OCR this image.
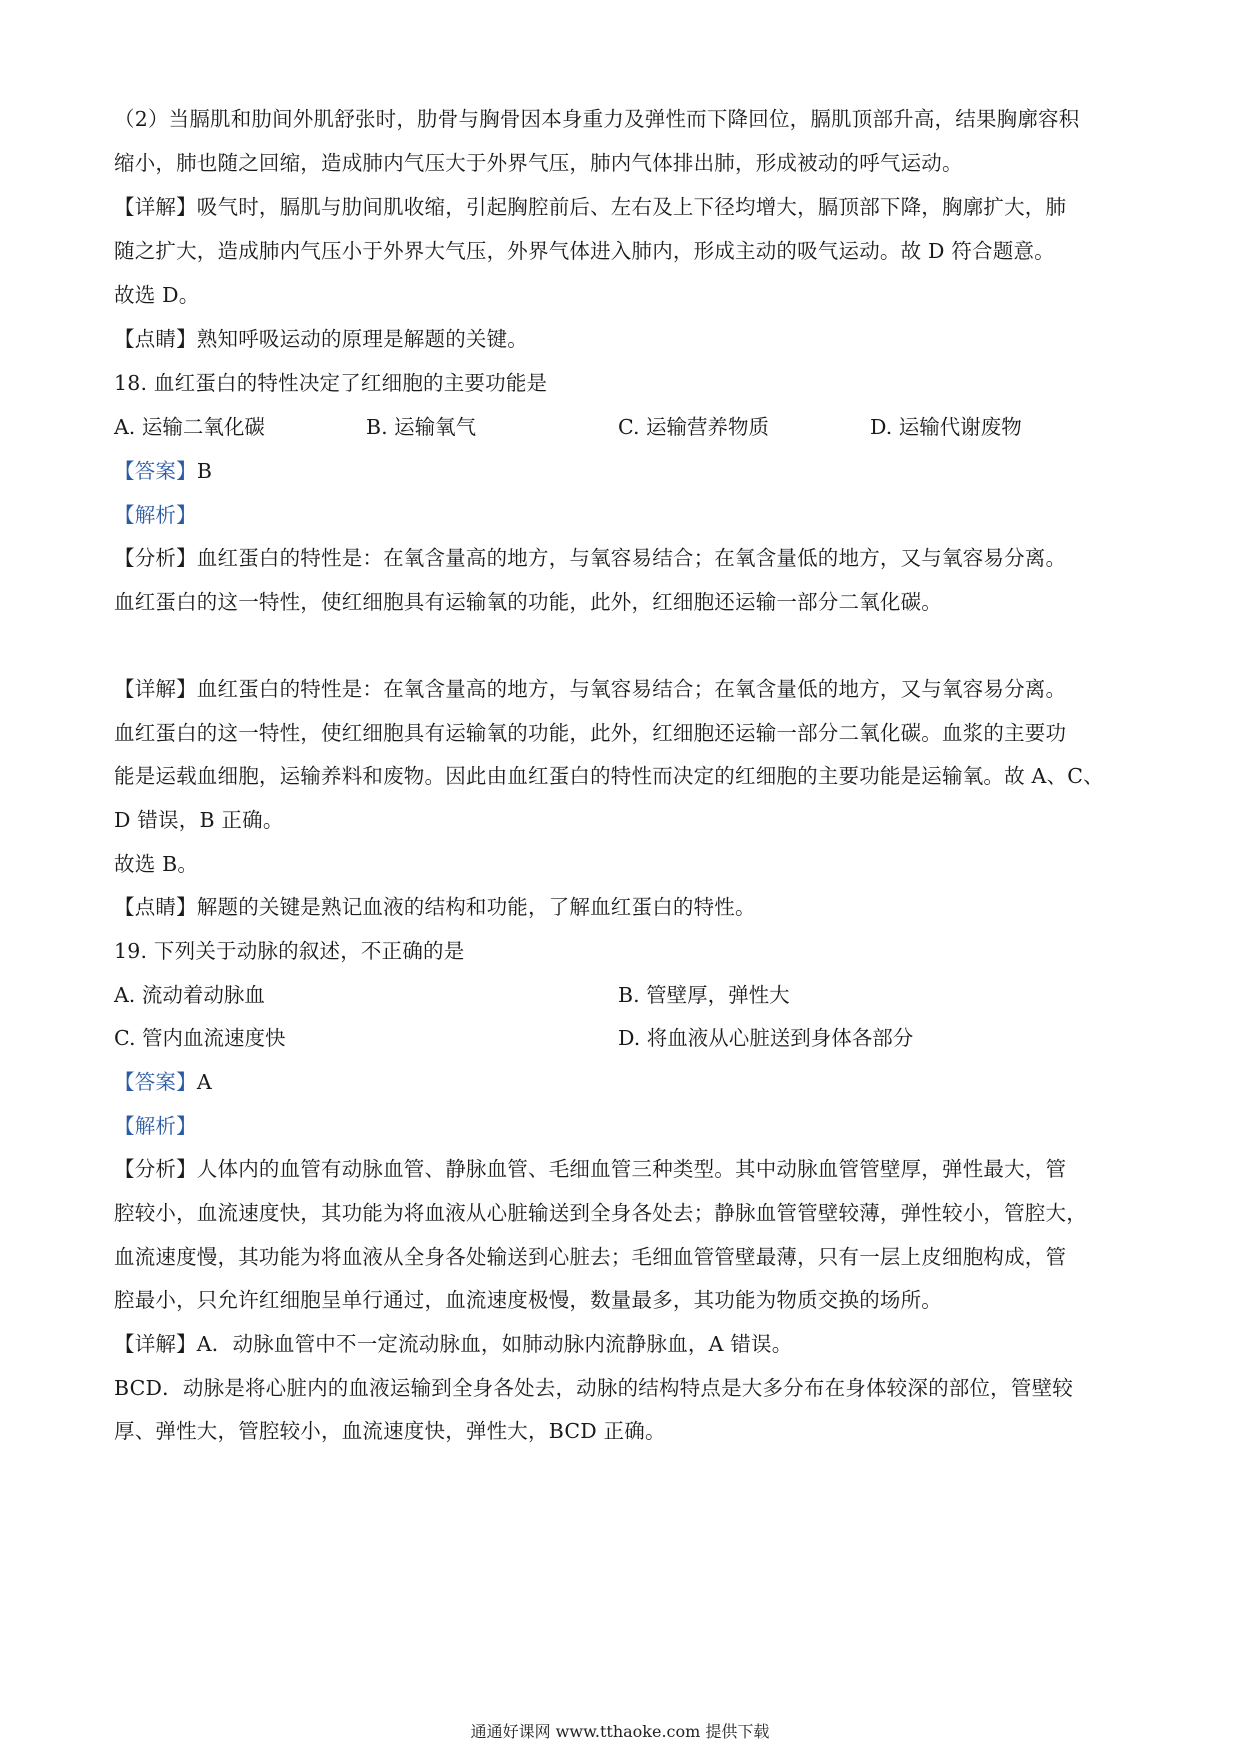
（2）当膈肌和肋间外肌舒张时，肋骨与胸骨因本身重力及弹性而下降回位，膈肌顶部升高，结果胸廓容积
缩小，肺也随之回缩，造成肺内气压大于外界气压，肺内气体排出肺，形成被动的呼气运动。
【详解】吸气时，膈肌与肋间肌收缩，引起胸腔前后、左右及上下径均增大，膈顶部下降，胸廓扩大，肺
随之扩大，造成肺内气压小于外界大气压，外界气体进入肺内，形成主动的吸气运动。故 D 符合题意。
故选 D。
【点睛】熟知呼吸运动的原理是解题的关键。
18. 血红蛋白的特性决定了红细胞的主要功能是
A. 运输二氧化碳	B. 运输氧气	C. 运输营养物质	D. 运输代谢废物
【答案】B
【解析】
【分析】血红蛋白的特性是：在氧含量高的地方，与氧容易结合；在氧含量低的地方，又与氧容易分离。
血红蛋白的这一特性，使红细胞具有运输氧的功能，此外，红细胞还运输一部分二氧化碳。
【详解】血红蛋白的特性是：在氧含量高的地方，与氧容易结合；在氧含量低的地方，又与氧容易分离。
血红蛋白的这一特性，使红细胞具有运输氧的功能，此外，红细胞还运输一部分二氧化碳。血浆的主要功
能是运载血细胞，运输养料和废物。因此由血红蛋白的特性而决定的红细胞的主要功能是运输氧。故 A、C、
D 错误，B 正确。
故选 B。
【点睛】解题的关键是熟记血液的结构和功能，了解血红蛋白的特性。
19. 下列关于动脉的叙述，不正确的是
A. 流动着动脉血	B. 管壁厚，弹性大
C. 管内血流速度快	D. 将血液从心脏送到身体各部分
【答案】A
【解析】
【分析】人体内的血管有动脉血管、静脉血管、毛细血管三种类型。其中动脉血管管壁厚，弹性最大，管
腔较小，血流速度快，其功能为将血液从心脏输送到全身各处去；静脉血管管壁较薄，弹性较小，管腔大，
血流速度慢，其功能为将血液从全身各处输送到心脏去；毛细血管管壁最薄，只有一层上皮细胞构成，管
腔最小，只允许红细胞呈单行通过，血流速度极慢，数量最多，其功能为物质交换的场所。
【详解】A．动脉血管中不一定流动脉血，如肺动脉内流静脉血，A 错误。
BCD．动脉是将心脏内的血液运输到全身各处去，动脉的结构特点是大多分布在身体较深的部位，管壁较
厚、弹性大，管腔较小，血流速度快，弹性大，BCD 正确。
通通好课网 www.tthaoke.com 提供下载
